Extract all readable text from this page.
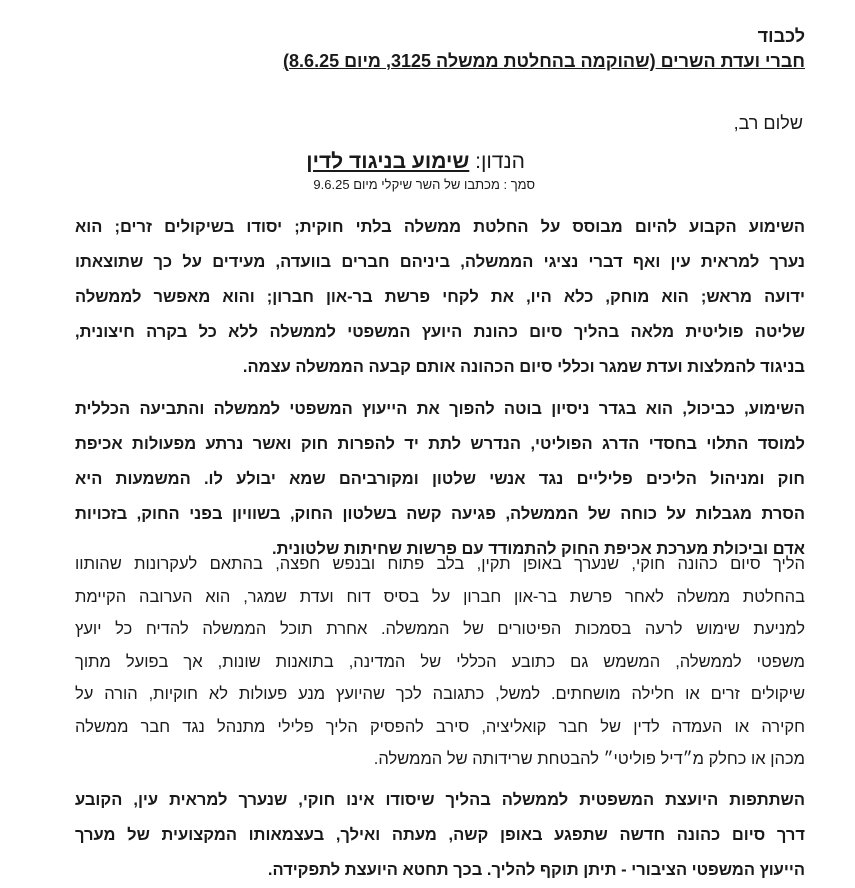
לכבוד
חברי ועדת השרים (שהוקמה בהחלטת ממשלה 3125, מיום 8.6.25)
שלום רב,
הנדון: שימוע בניגוד לדין
סמך : מכתבו של השר שיקלי מיום 9.6.25
השימוע הקבוע להיום מבוסס על החלטת ממשלה בלתי חוקית; יסודו בשיקולים זרים; הוא
נערך למראית עין ואף דברי נציגי הממשלה, ביניהם חברים בוועדה, מעידים על כך שתוצאתו
ידועה מראש; הוא מוחק, כלא היו, את לקחי פרשת בר-און חברון; והוא מאפשר לממשלה
שליטה פוליטית מלאה בהליך סיום כהונת היועץ המשפטי לממשלה ללא כל בקרה חיצונית,
בניגוד להמלצות ועדת שמגר וכללי סיום הכהונה אותם קבעה הממשלה עצמה.
השימוע, כביכול, הוא בגדר ניסיון בוטה להפוך את הייעוץ המשפטי לממשלה והתביעה הכללית
למוסד התלוי בחסדי הדרג הפוליטי, הנדרש לתת יד להפרות חוק ואשר נרתע מפעולות אכיפת
חוק ומניהול הליכים פליליים נגד אנשי שלטון ומקורביהם שמא יבולע לו. המשמעות היא
הסרת מגבלות על כוחה של הממשלה, פגיעה קשה בשלטון החוק, בשוויון בפני החוק, בזכויות
אדם וביכולת מערכת אכיפת החוק להתמודד עם פרשות שחיתות שלטונית.
הליך סיום כהונה חוקי, שנערך באופן תקין, בלב פתוח ובנפש חפצה, בהתאם לעקרונות שהותוו
בהחלטת ממשלה לאחר פרשת בר-און חברון על בסיס דוח ועדת שמגר, הוא הערובה הקיימת
למניעת שימוש לרעה בסמכות הפיטורים של הממשלה. אחרת תוכל הממשלה להדיח כל יועץ
משפטי לממשלה, המשמש גם כתובע הכללי של המדינה, בתואנות שונות, אך בפועל מתוך
שיקולים זרים או חלילה מושחתים. למשל, כתגובה לכך שהיועץ מנע פעולות לא חוקיות, הורה על
חקירה או העמדה לדין של חבר קואליציה, סירב להפסיק הליך פלילי מתנהל נגד חבר ממשלה
מכהן או כחלק מ״דיל פוליטי״ להבטחת שרידותה של הממשלה.
השתתפות היועצת המשפטית לממשלה בהליך שיסודו אינו חוקי, שנערך למראית עין, הקובע
דרך סיום כהונה חדשה שתפגע באופן קשה, מעתה ואילך, בעצמאותו המקצועית של מערך
הייעוץ המשפטי הציבורי - תיתן תוקף להליך. בכך תחטא היועצת לתפקידה.
